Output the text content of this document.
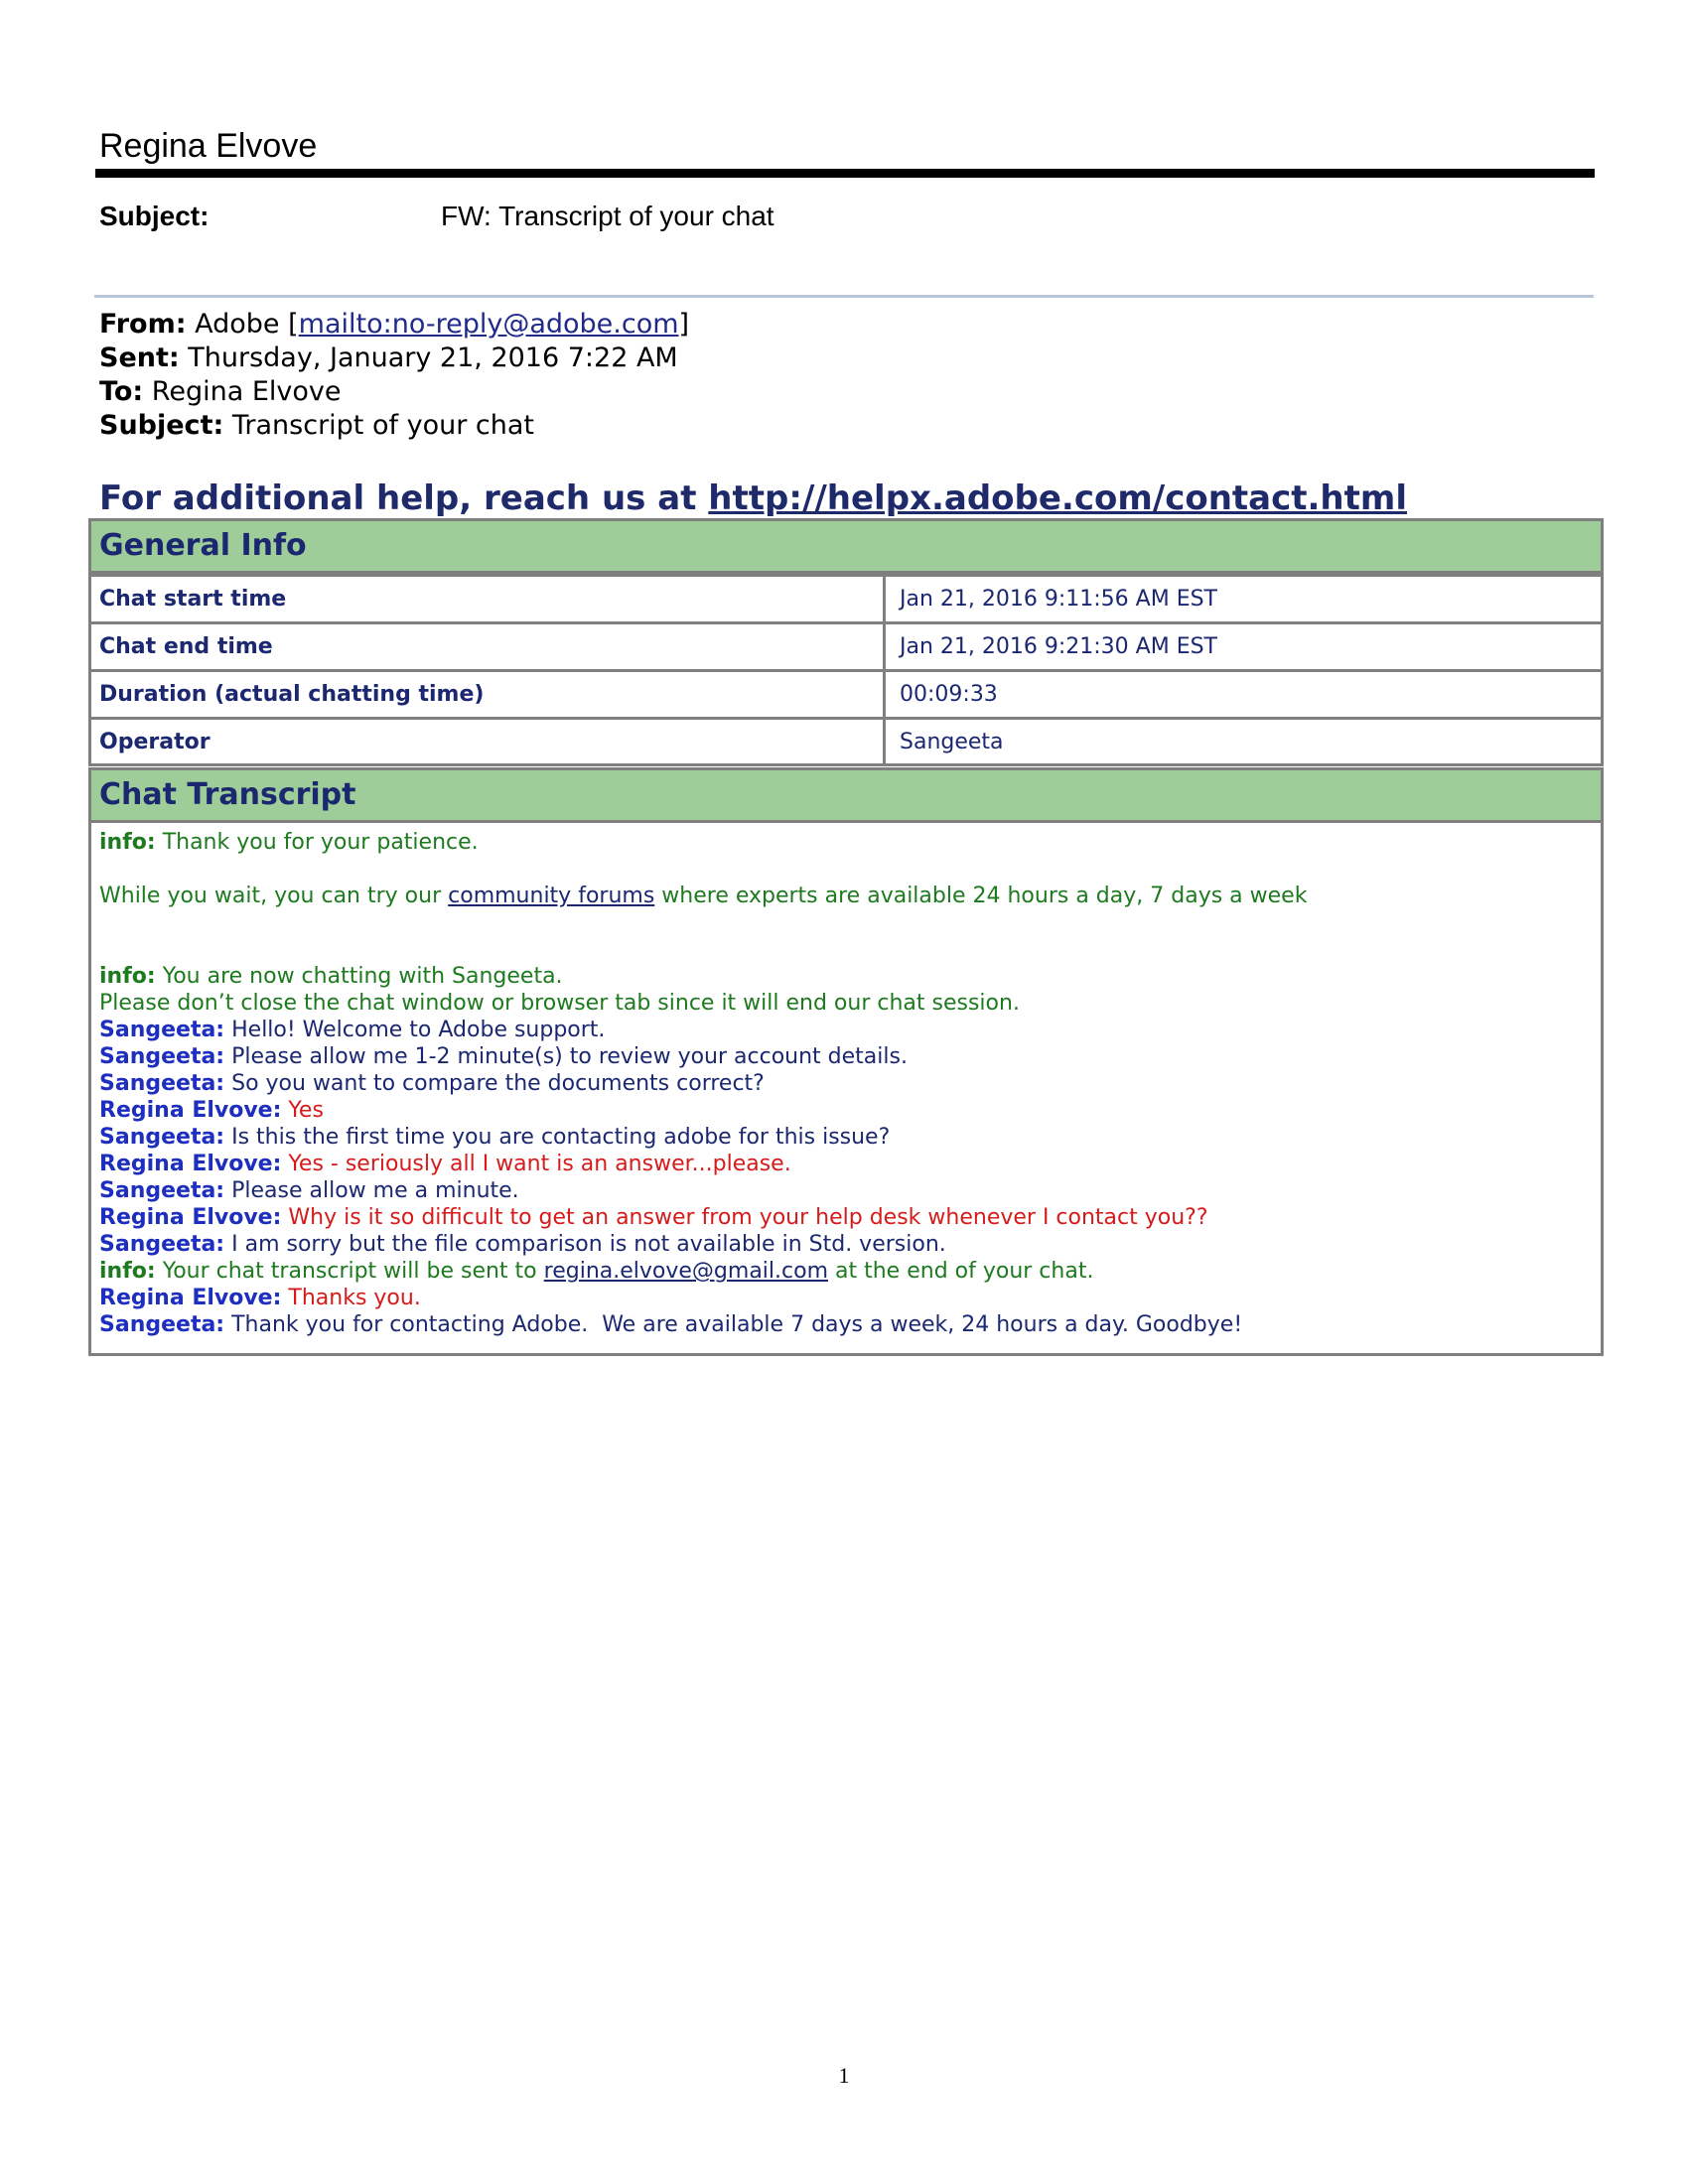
Regina Elvove
Subject:	FW: Transcript of your chat
From: Adobe [mailto:no-reply@adobe.com]
Sent: Thursday, January 21, 2016 7:22 AM
To: Regina Elvove
Subject: Transcript of your chat
For additional help, reach us at http://helpx.adobe.com/contact.html
General Info
Chat start time	Jan 21, 2016 9:11:56 AM EST
Chat end time	Jan 21, 2016 9:21:30 AM EST
Duration (actual chatting time)	00:09:33
Operator	Sangeeta
Chat Transcript
info: Thank you for your patience.
While you wait, you can try our community forums where experts are available 24 hours a day, 7 days a week
info: You are now chatting with Sangeeta.
Please don’t close the chat window or browser tab since it will end our chat session.
Sangeeta: Hello! Welcome to Adobe support.
Sangeeta: Please allow me 1-2 minute(s) to review your account details.
Sangeeta: So you want to compare the documents correct?
Regina Elvove: Yes
Sangeeta: Is this the first time you are contacting adobe for this issue?
Regina Elvove: Yes - seriously all I want is an answer...please.
Sangeeta: Please allow me a minute.
Regina Elvove: Why is it so difficult to get an answer from your help desk whenever I contact you??
Sangeeta: I am sorry but the file comparison is not available in Std. version.
info: Your chat transcript will be sent to regina.elvove@gmail.com at the end of your chat.
Regina Elvove: Thanks you.
Sangeeta: Thank you for contacting Adobe.  We are available 7 days a week, 24 hours a day. Goodbye!
1
